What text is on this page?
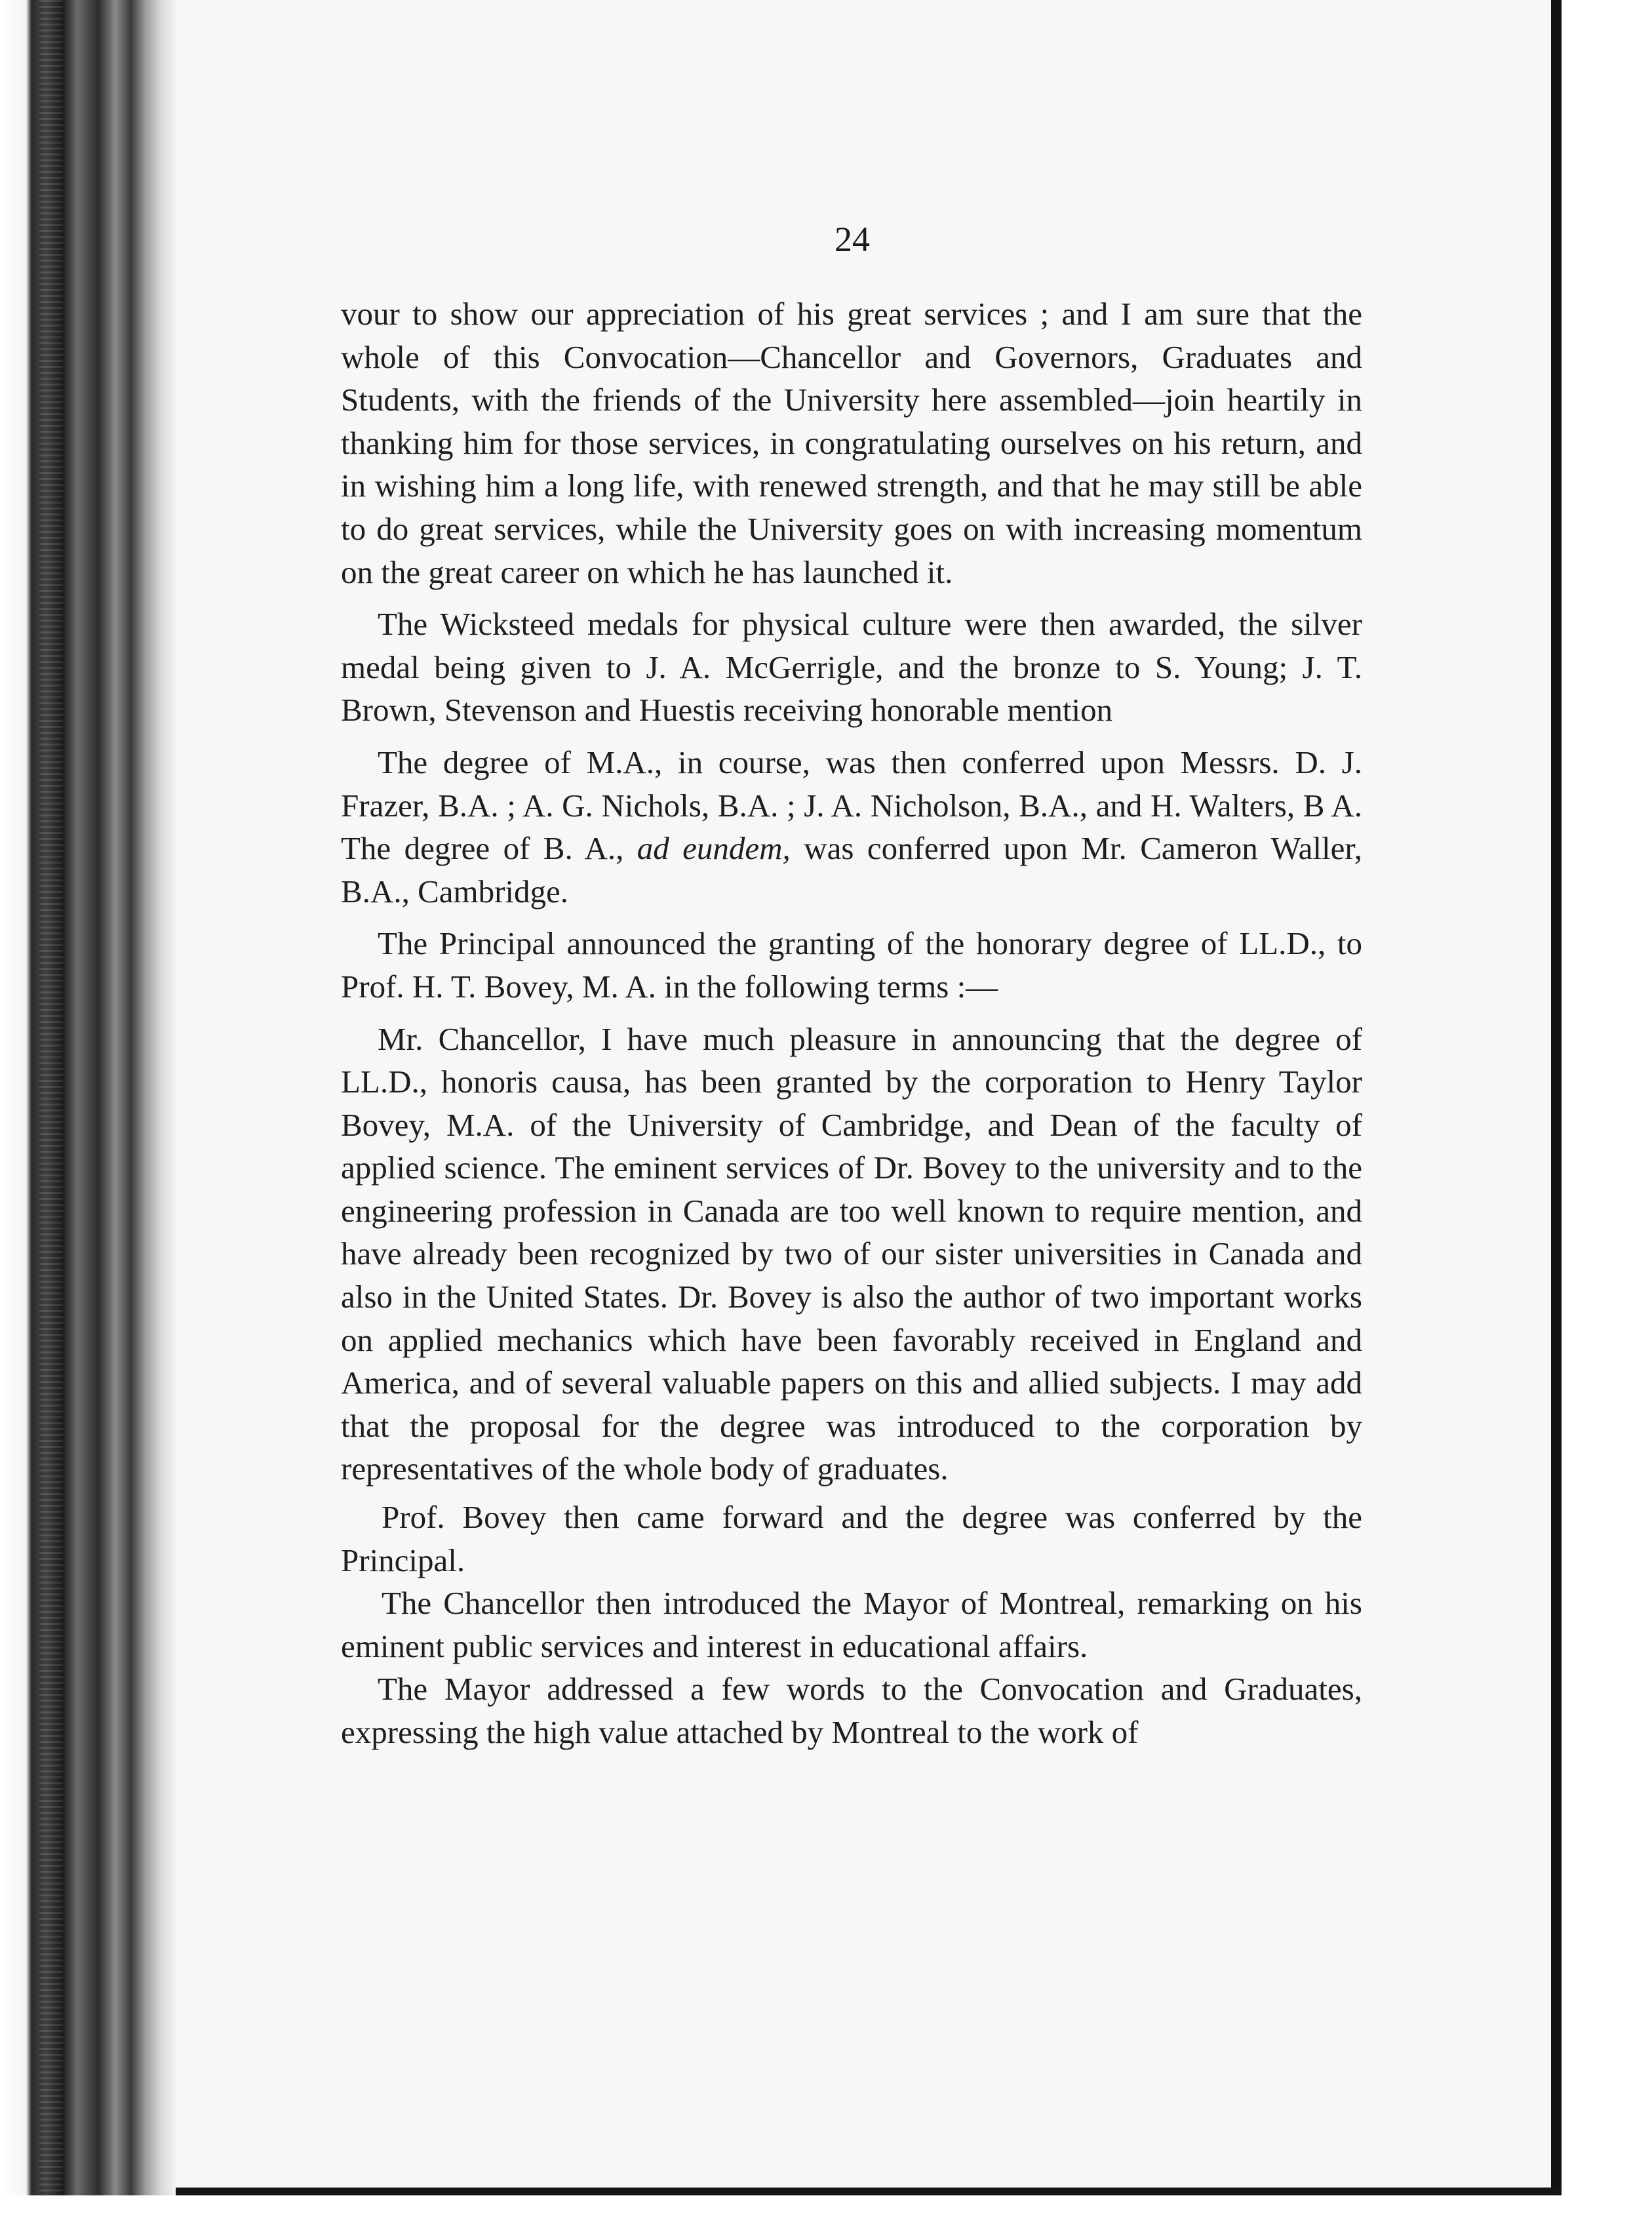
24

vour to show our appreciation of his great services ; and I am sure that the whole of this Convocation—Chancellor and Governors, Graduates and Students, with the friends of the University here assembled—join heartily in thanking him for those services, in congratulating ourselves on his return, and in wishing him a long life, with renewed strength, and that he may still be able to do great services, while the University goes on with increasing momentum on the great career on which he has launched it.

The Wicksteed medals for physical culture were then awarded, the silver medal being given to J. A. McGerrigle, and the bronze to S. Young; J. T. Brown, Stevenson and Huestis receiving honorable mention

The degree of M.A., in course, was then conferred upon Messrs. D. J. Frazer, B.A. ; A. G. Nichols, B.A. ; J. A. Nicholson, B.A., and H. Walters, B A. The degree of B. A., ad eundem, was conferred upon Mr. Cameron Waller, B.A., Cambridge.

The Principal announced the granting of the honorary degree of LL.D., to Prof. H. T. Bovey, M. A. in the following terms :—

Mr. Chancellor, I have much pleasure in announcing that the degree of LL.D., honoris causa, has been granted by the corporation to Henry Taylor Bovey, M.A. of the University of Cambridge, and Dean of the faculty of applied science. The eminent services of Dr. Bovey to the university and to the engineering profession in Canada are too well known to require mention, and have already been recognized by two of our sister universities in Canada and also in the United States. Dr. Bovey is also the author of two important works on applied mechanics which have been favorably received in England and America, and of several valuable papers on this and allied subjects. I may add that the proposal for the degree was introduced to the corporation by representatives of the whole body of graduates.

Prof. Bovey then came forward and the degree was conferred by the Principal.

The Chancellor then introduced the Mayor of Montreal, remarking on his eminent public services and interest in educational affairs.

The Mayor addressed a few words to the Convocation and Graduates, expressing the high value attached by Montreal to the work of
